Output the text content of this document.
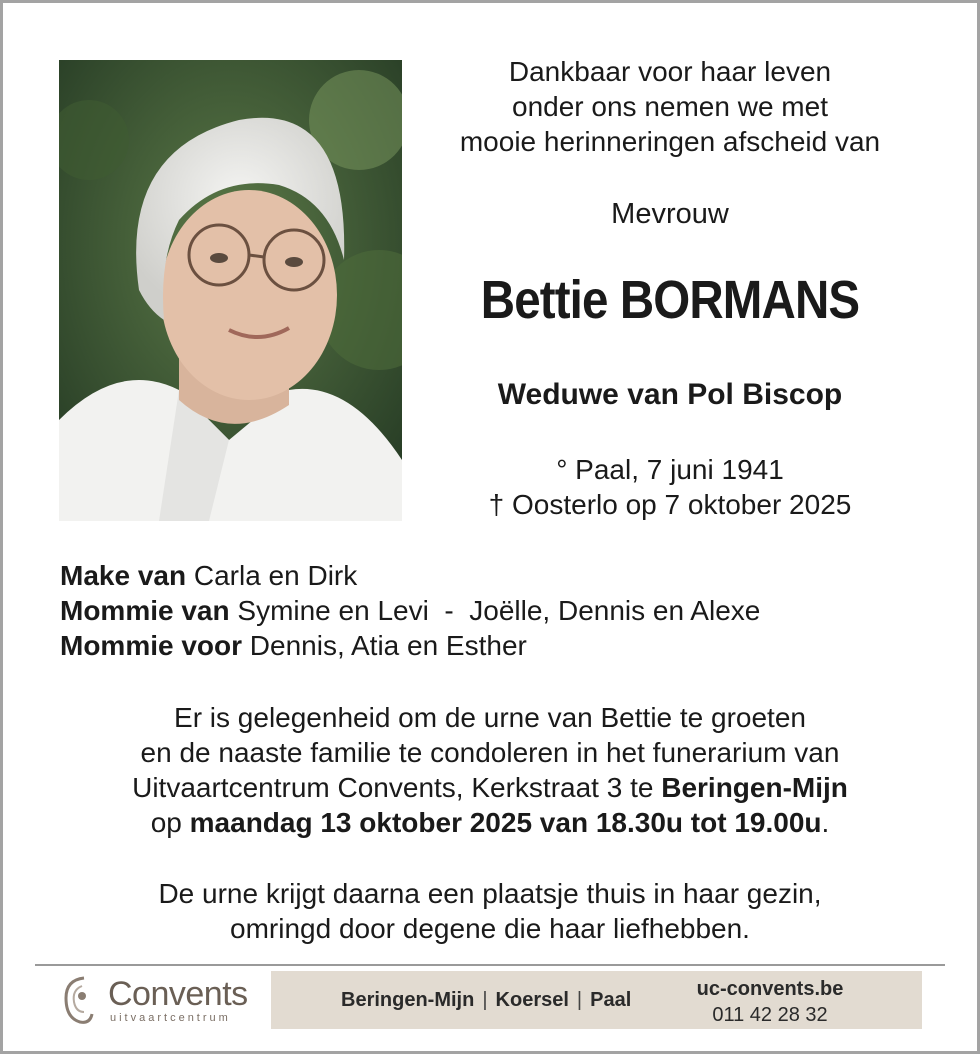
Dankbaar voor haar leven
onder ons nemen we met
mooie herinneringen afscheid van
Mevrouw
Bettie BORMANS
Weduwe van Pol Biscop
° Paal, 7 juni 1941
† Oosterlo op 7 oktober 2025
Make van Carla en Dirk
Mommie van Symine en Levi  -  Joëlle, Dennis en Alexe
Mommie voor Dennis, Atia en Esther
Er is gelegenheid om de urne van Bettie te groeten
en de naaste familie te condoleren in het funerarium van
Uitvaartcentrum Convents, Kerkstraat 3 te Beringen-Mijn
op maandag 13 oktober 2025 van 18.30u tot 19.00u.
De urne krijgt daarna een plaatsje thuis in haar gezin,
omringd door degene die haar liefhebben.
Convents
uitvaartcentrum
Beringen-Mijn | Koersel | Paal	uc-convents.be
011 42 28 32
